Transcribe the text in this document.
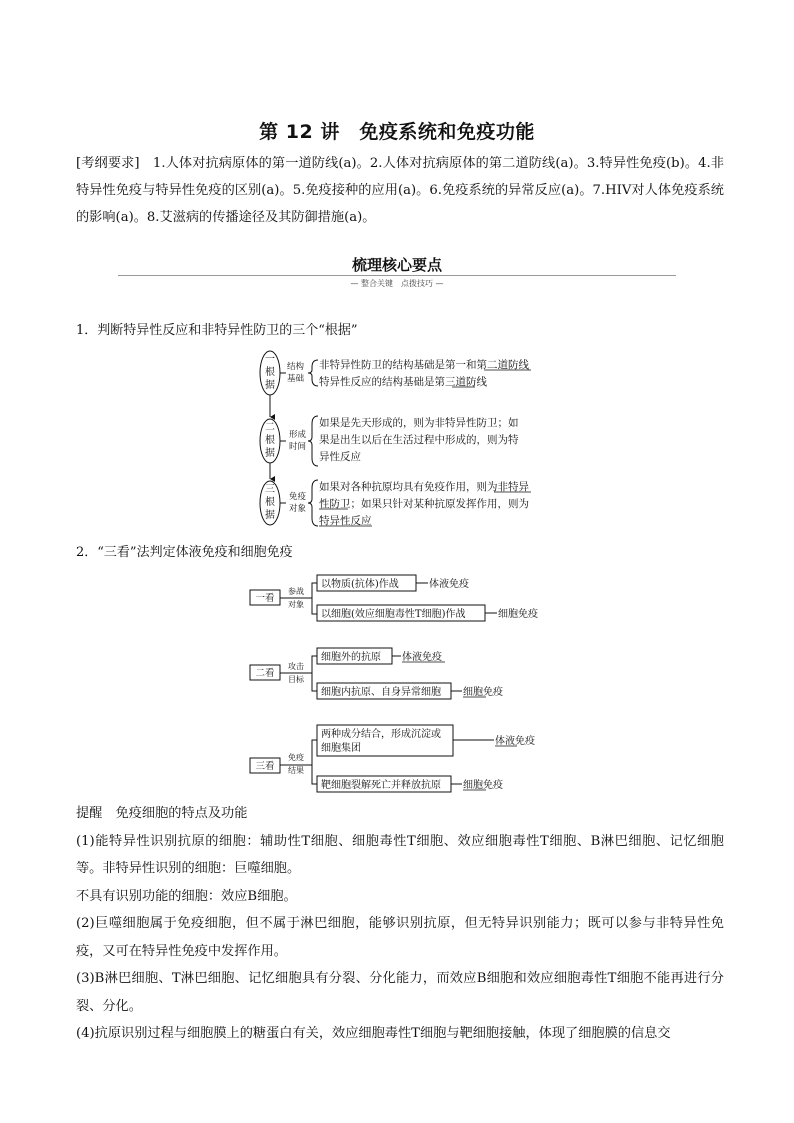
第 12 讲　免疫系统和免疫功能
[考纲要求]　1.人体对抗病原体的第一道防线(a)。2.人体对抗病原体的第二道防线(a)。3.特异性免疫(b)。4.非特异性免疫与特异性免疫的区别(a)。5.免疫接种的应用(a)。6.免疫系统的异常反应(a)。7.HIV对人体免疫系统的影响(a)。8.艾滋病的传播途径及其防御措施(a)。
梳理核心要点
— 整合关键　点拨技巧 —
1．判断特异性反应和非特异性防卫的三个“根据”
一
根
据
二
根
据
三
根
据
结构
基础
形成
时间
免疫
对象
非特异性防卫的结构基础是第一和第二道防线
特异性反应的结构基础是第三道防线
如果是先天形成的，则为非特异性防卫；如
果是出生以后在生活过程中形成的，则为特
异性反应
如果对各种抗原均具有免疫作用，则为非特异
性防卫；如果只针对某种抗原发挥作用，则为
特异性反应
2．“三看”法判定体液免疫和细胞免疫
一看
参战
对象
以物质(抗体)作战
以细胞(效应细胞毒性T细胞)作战
体液免疫
细胞免疫
二看
攻击
目标
细胞外的抗原
细胞内抗原、自身异常细胞
体液免疫
细胞免疫
三看
免疫
结果
两种成分结合，形成沉淀或
细胞集团
靶细胞裂解死亡并释放抗原
体液免疫
细胞免疫

提醒　免疫细胞的特点及功能

(1)能特异性识别抗原的细胞：辅助性T细胞、细胞毒性T细胞、效应细胞毒性T细胞、B淋巴细胞、记忆细胞等。非特异性识别的细胞：巨噬细胞。

不具有识别功能的细胞：效应B细胞。

(2)巨噬细胞属于免疫细胞，但不属于淋巴细胞，能够识别抗原，但无特异识别能力；既可以参与非特异性免疫，又可在特异性免疫中发挥作用。

(3)B淋巴细胞、T淋巴细胞、记忆细胞具有分裂、分化能力，而效应B细胞和效应细胞毒性T细胞不能再进行分裂、分化。

(4)抗原识别过程与细胞膜上的糖蛋白有关，效应细胞毒性T细胞与靶细胞接触，体现了细胞膜的信息交
